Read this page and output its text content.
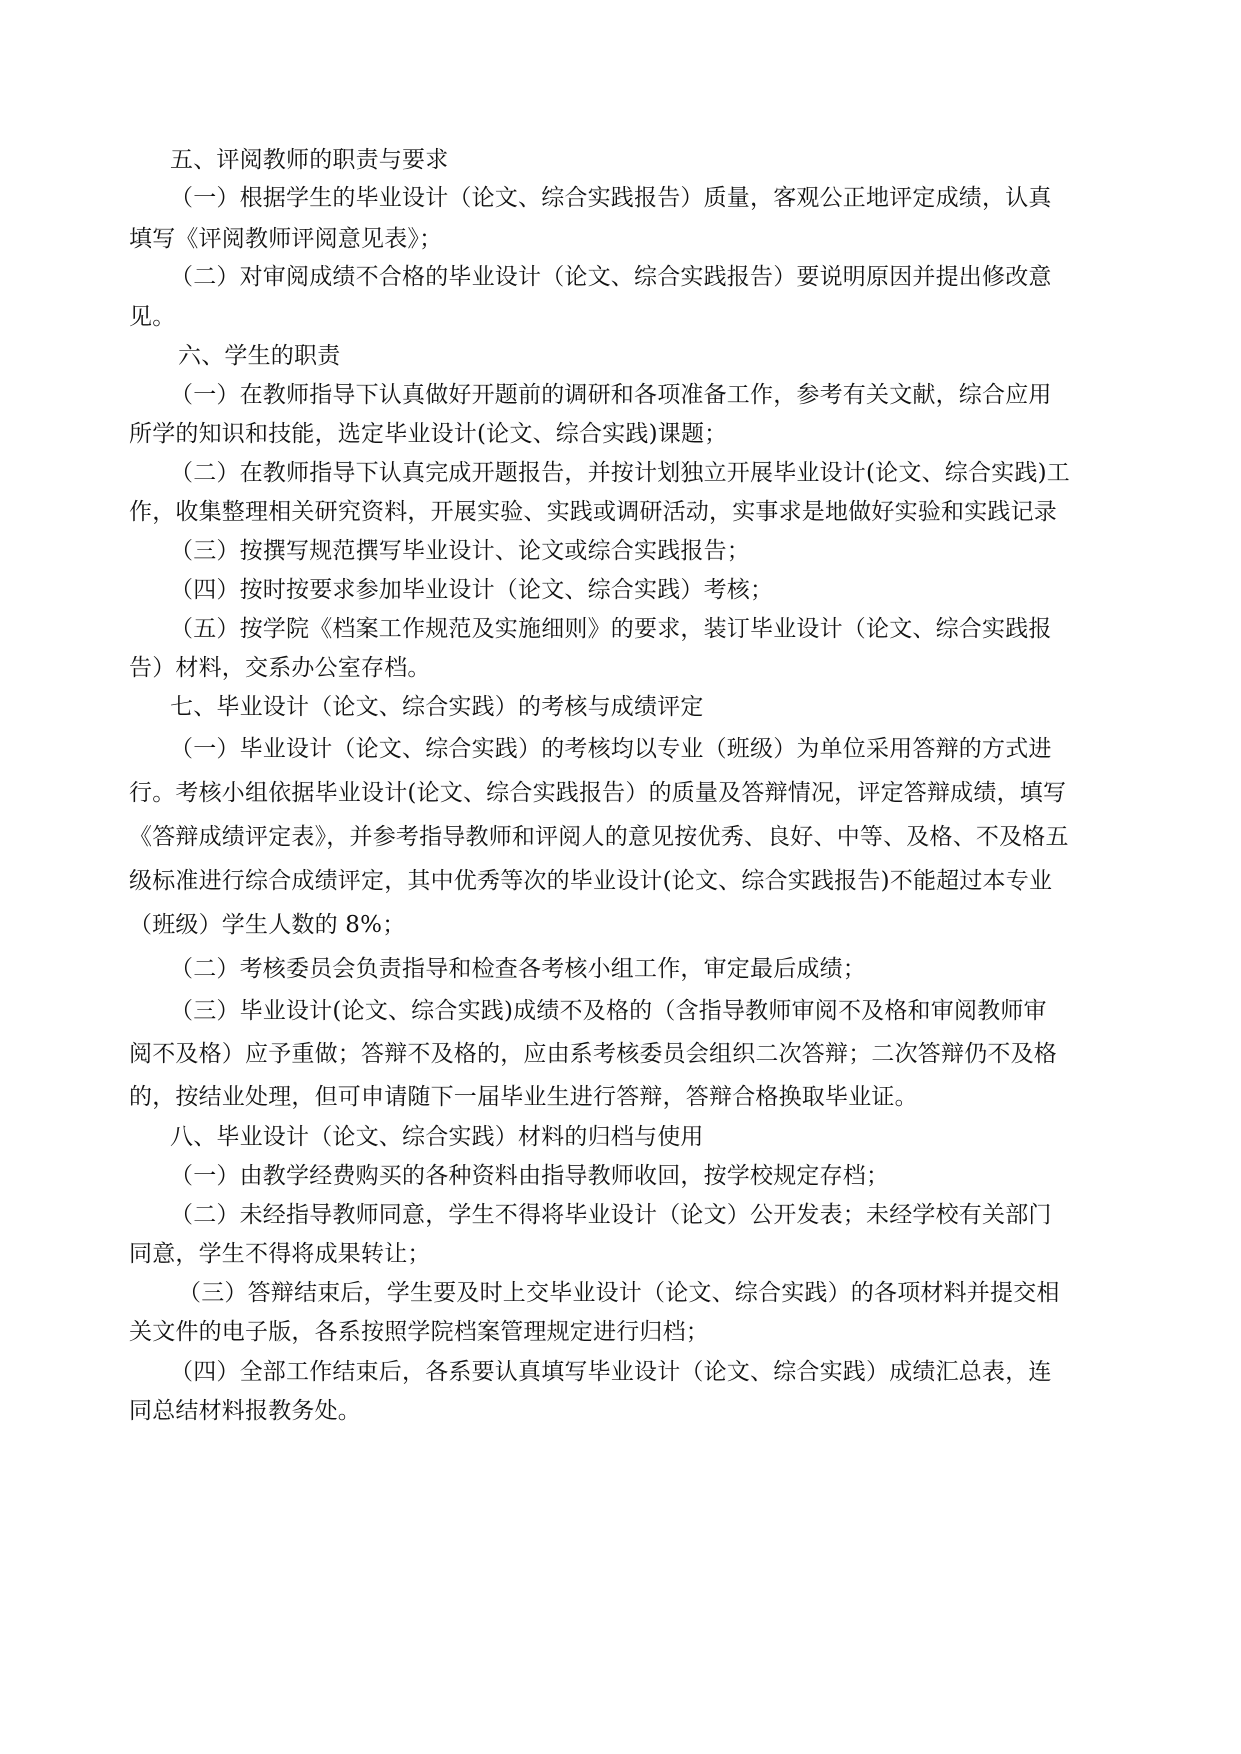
五、评阅教师的职责与要求
（一）根据学生的毕业设计（论文、综合实践报告）质量，客观公正地评定成绩，认真
填写《评阅教师评阅意见表》；
（二）对审阅成绩不合格的毕业设计（论文、综合实践报告）要说明原因并提出修改意
见。
六、学生的职责
（一）在教师指导下认真做好开题前的调研和各项准备工作，参考有关文献，综合应用
所学的知识和技能，选定毕业设计(论文、综合实践)课题；
（二）在教师指导下认真完成开题报告，并按计划独立开展毕业设计(论文、综合实践)工
作，收集整理相关研究资料，开展实验、实践或调研活动，实事求是地做好实验和实践记录
（三）按撰写规范撰写毕业设计、论文或综合实践报告；
（四）按时按要求参加毕业设计（论文、综合实践）考核；
（五）按学院《档案工作规范及实施细则》的要求，装订毕业设计（论文、综合实践报
告）材料，交系办公室存档。
七、毕业设计（论文、综合实践）的考核与成绩评定
（一）毕业设计（论文、综合实践）的考核均以专业（班级）为单位采用答辩的方式进
行。考核小组依据毕业设计(论文、综合实践报告）的质量及答辩情况，评定答辩成绩，填写
《答辩成绩评定表》，并参考指导教师和评阅人的意见按优秀、良好、中等、及格、不及格五
级标准进行综合成绩评定，其中优秀等次的毕业设计(论文、综合实践报告)不能超过本专业
（班级）学生人数的 8%；
（二）考核委员会负责指导和检查各考核小组工作，审定最后成绩；
（三）毕业设计(论文、综合实践)成绩不及格的（含指导教师审阅不及格和审阅教师审
阅不及格）应予重做；答辩不及格的，应由系考核委员会组织二次答辩；二次答辩仍不及格
的，按结业处理，但可申请随下一届毕业生进行答辩，答辩合格换取毕业证。
八、毕业设计（论文、综合实践）材料的归档与使用
（一）由教学经费购买的各种资料由指导教师收回，按学校规定存档；
（二）未经指导教师同意，学生不得将毕业设计（论文）公开发表；未经学校有关部门
同意，学生不得将成果转让；
（三）答辩结束后，学生要及时上交毕业设计（论文、综合实践）的各项材料并提交相
关文件的电子版，各系按照学院档案管理规定进行归档；
（四）全部工作结束后，各系要认真填写毕业设计（论文、综合实践）成绩汇总表，连
同总结材料报教务处。
